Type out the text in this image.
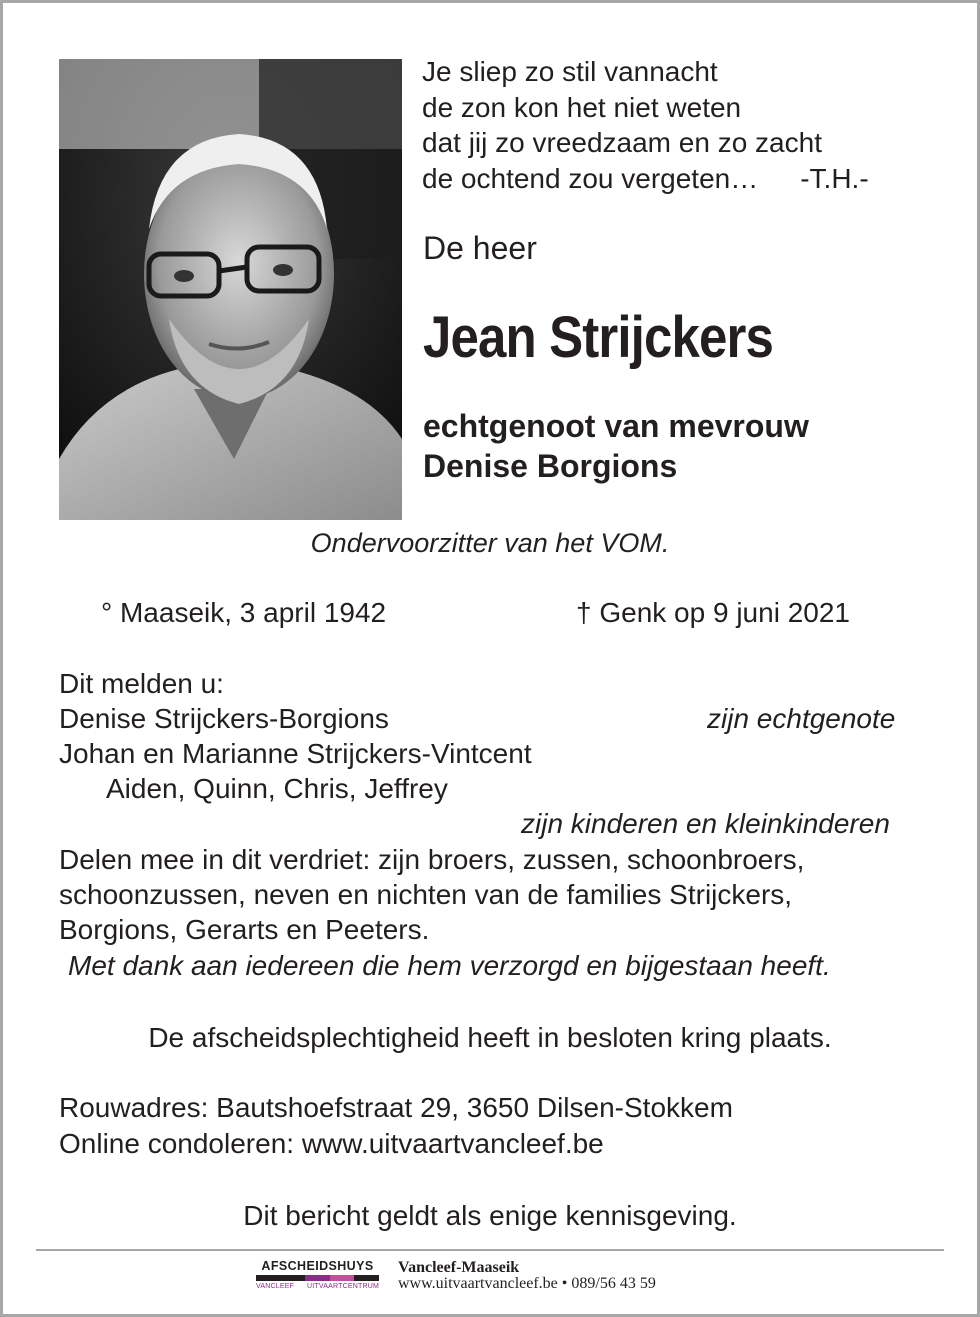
Je sliep zo stil vannacht
de zon kon het niet weten
dat jij zo vreedzaam en zo zacht
de ochtend zou vergeten… -T.H.-
De heer
Jean Strijckers
echtgenoot van mevrouw
Denise Borgions
Ondervoorzitter van het VOM.
° Maaseik, 3 april 1942	† Genk op 9 juni 2021
Dit melden u:
Denise Strijckers-Borgions	zijn echtgenote
Johan en Marianne Strijckers-Vintcent
Aiden, Quinn, Chris, Jeffrey
zijn kinderen en kleinkinderen
Delen mee in dit verdriet: zijn broers, zussen, schoonbroers,
schoonzussen, neven en nichten van de families Strijckers,
Borgions, Gerarts en Peeters.
Met dank aan iedereen die hem verzorgd en bijgestaan heeft.
De afscheidsplechtigheid heeft in besloten kring plaats.
Rouwadres: Bautshoefstraat 29, 3650 Dilsen-Stokkem
Online condoleren: www.uitvaartvancleef.be
Dit bericht geldt als enige kennisgeving.
AFSCHEIDSHUYS
VANCLEEF UITVAARTCENTRUM
Vancleef-Maaseik
www.uitvaartvancleef.be • 089/56 43 59
